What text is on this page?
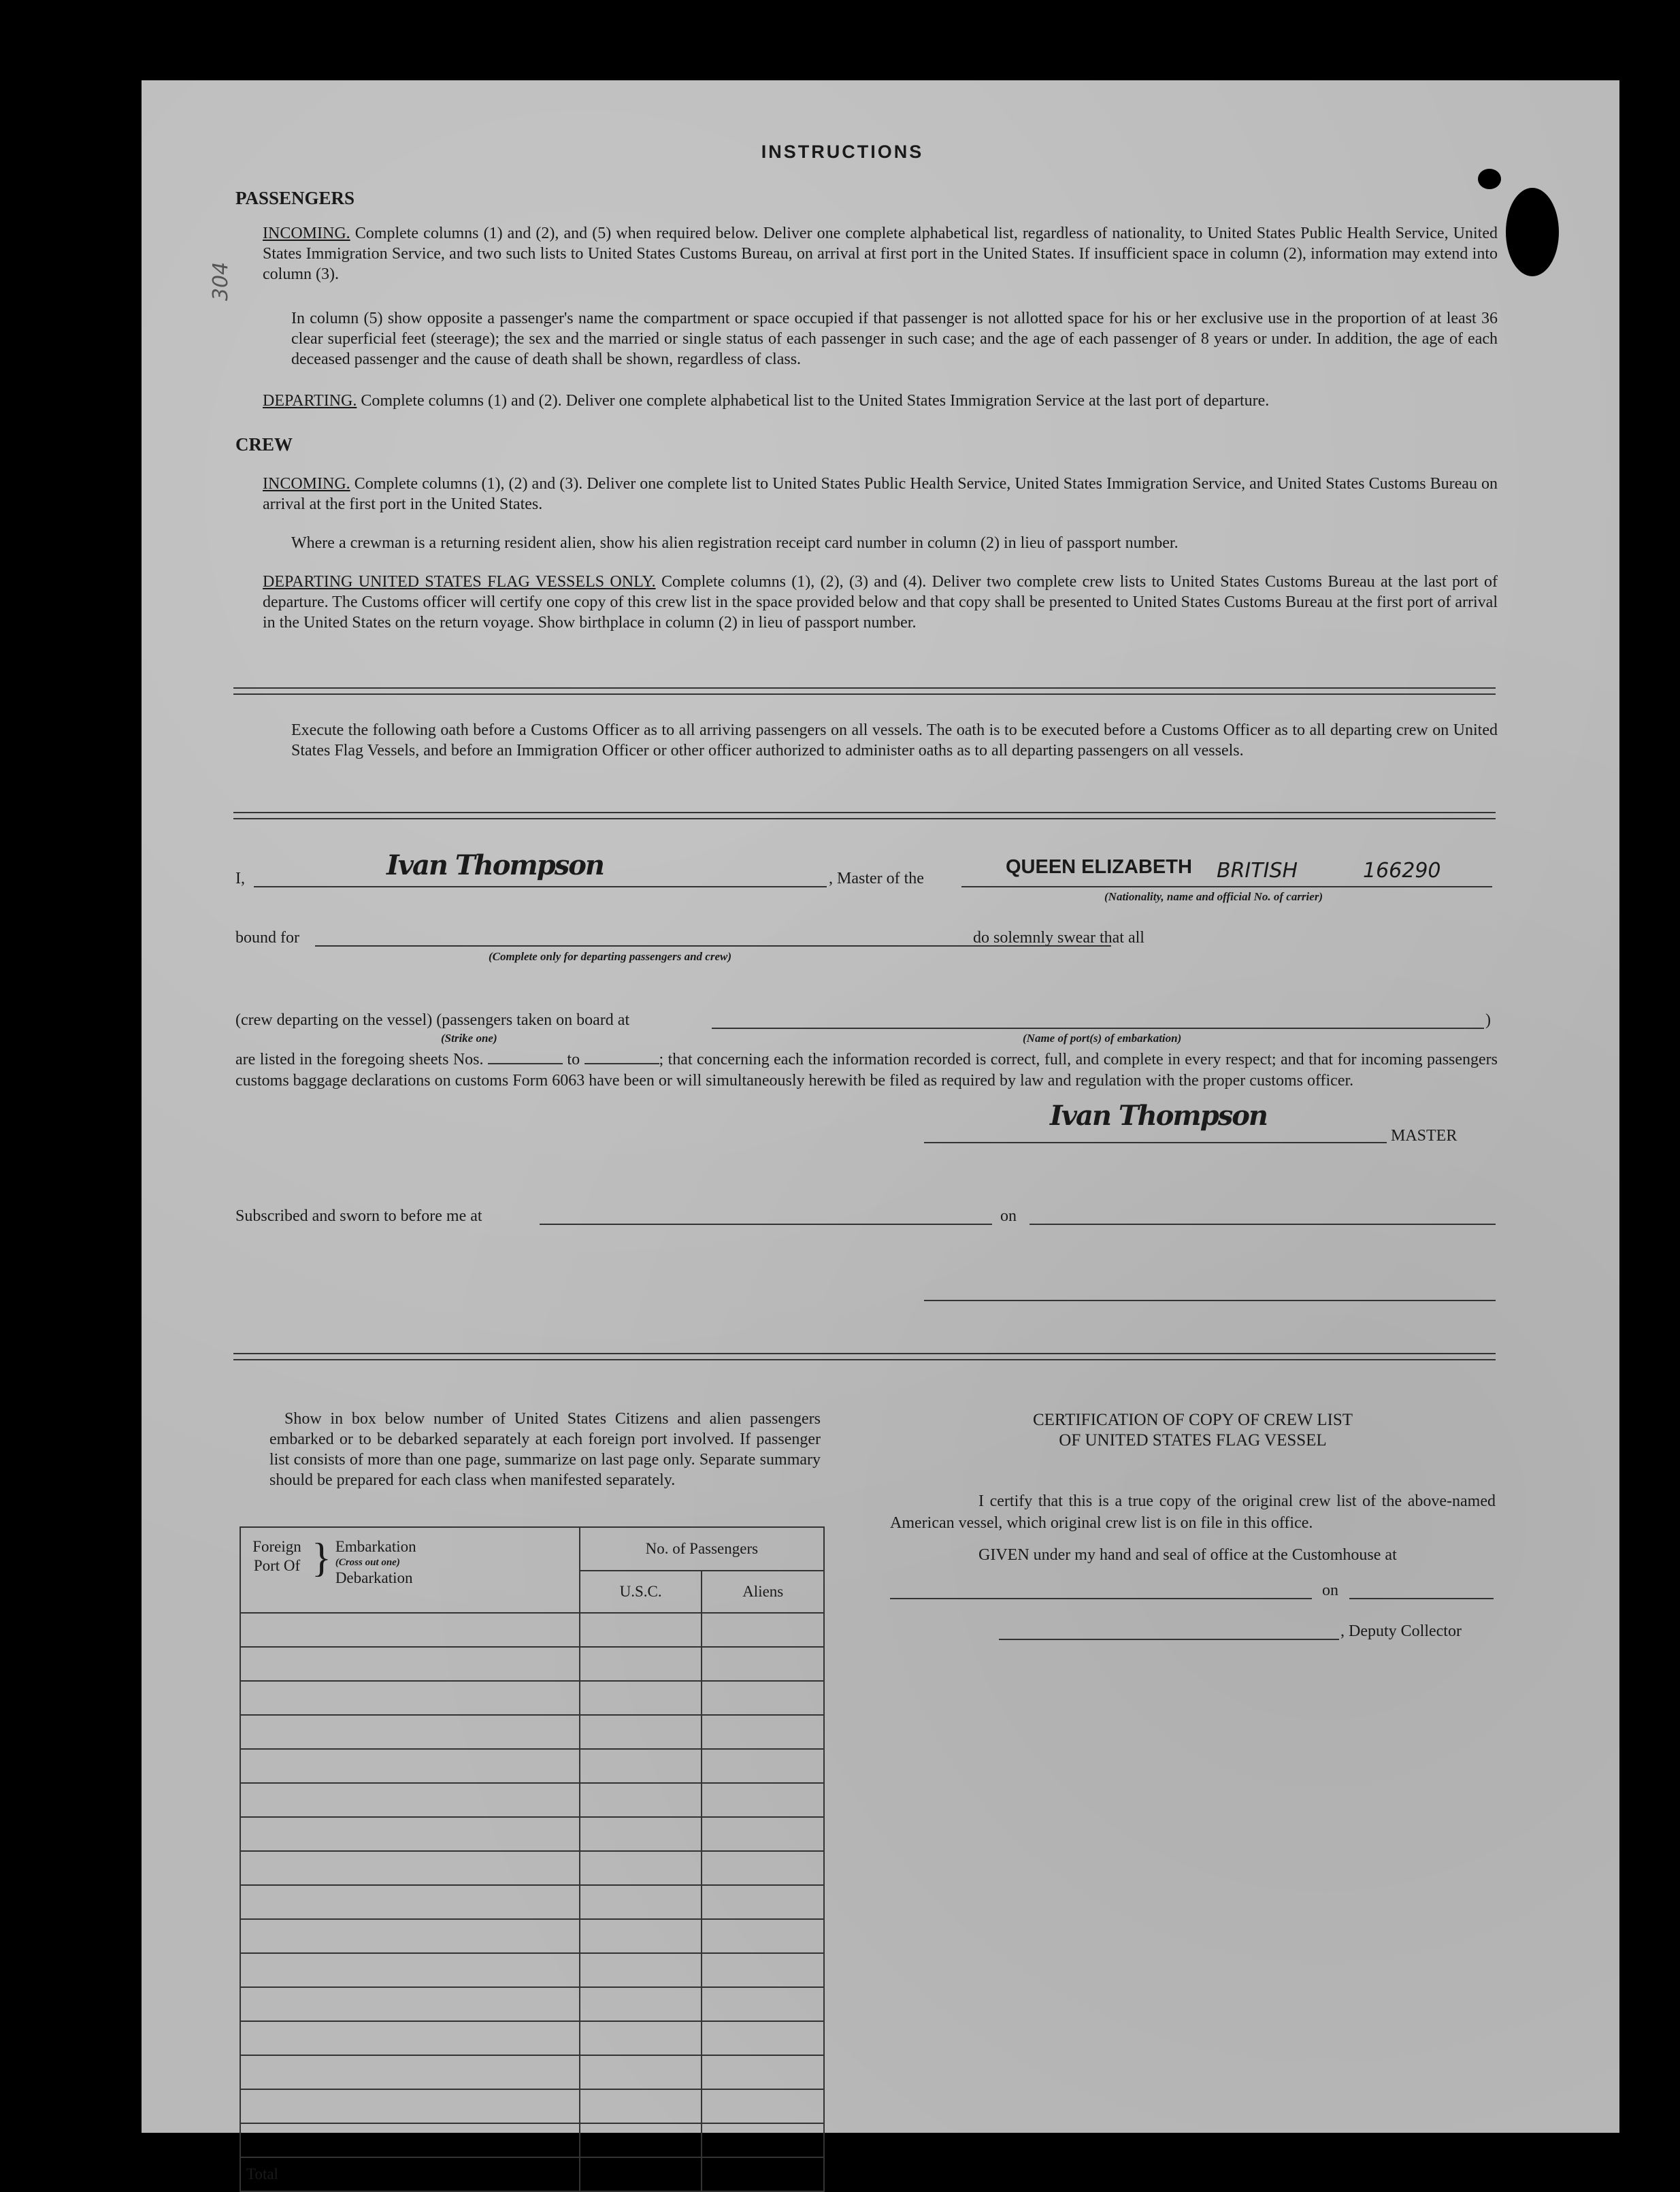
304
INSTRUCTIONS
PASSENGERS
INCOMING. Complete columns (1) and (2), and (5) when required below. Deliver one complete alphabetical list, regardless of nationality, to United States Public Health Service, United States Immigration Service, and two such lists to United States Customs Bureau, on arrival at first port in the United States. If insufficient space in column (2), information may extend into column (3).
In column (5) show opposite a passenger's name the compartment or space occupied if that passenger is not allotted space for his or her exclusive use in the proportion of at least 36 clear superficial feet (steerage); the sex and the married or single status of each passenger in such case; and the age of each passenger of 8 years or under. In addition, the age of each deceased passenger and the cause of death shall be shown, regardless of class.
DEPARTING. Complete columns (1) and (2). Deliver one complete alphabetical list to the United States Immigration Service at the last port of departure.
CREW
INCOMING. Complete columns (1), (2) and (3). Deliver one complete list to United States Public Health Service, United States Immigration Service, and United States Customs Bureau on arrival at the first port in the United States.
Where a crewman is a returning resident alien, show his alien registration receipt card number in column (2) in lieu of passport number.
DEPARTING UNITED STATES FLAG VESSELS ONLY. Complete columns (1), (2), (3) and (4). Deliver two complete crew lists to United States Customs Bureau at the last port of departure. The Customs officer will certify one copy of this crew list in the space provided below and that copy shall be presented to United States Customs Bureau at the first port of arrival in the United States on the return voyage. Show birthplace in column (2) in lieu of passport number.
Execute the following oath before a Customs Officer as to all arriving passengers on all vessels. The oath is to be executed before a Customs Officer as to all departing crew on United States Flag Vessels, and before an Immigration Officer or other officer authorized to administer oaths as to all departing passengers on all vessels.
I,	Ivan Thompson	, Master of the
QUEEN ELIZABETH BRITISH	166290
(Nationality, name and official No. of carrier)
bound for
(Complete only for departing passengers and crew)
do solemnly swear that all
(crew departing on the vessel) (passengers taken on board at	)
(Strike one)	(Name of port(s) of embarkation)
are listed in the foregoing sheets Nos.	to	; that concerning each the information recorded is correct, full, and complete in every respect; and that for incoming passengers customs baggage declarations on customs Form 6063 have been or will simultaneously herewith be filed as required by law and regulation with the proper customs officer.
Ivan Thompson
MASTER
Subscribed and sworn to before me at	on
Show in box below number of United States Citizens and alien passengers embarked or to be debarked separately at each foreign port involved. If passenger list consists of more than one page, summarize on last page only. Separate summary should be prepared for each class when manifested separately.
Foreign Port Of } Embarkation
(Cross out one)
Debarkation	No. of Passengers	
	U.S.C.	Aliens

Total		
CERTIFICATION OF COPY OF CREW LIST
OF UNITED STATES FLAG VESSEL
I certify that this is a true copy of the original crew list of the above-named American vessel, which original crew list is on file in this office.
GIVEN under my hand and seal of office at the Customhouse at
on
, Deputy Collector
